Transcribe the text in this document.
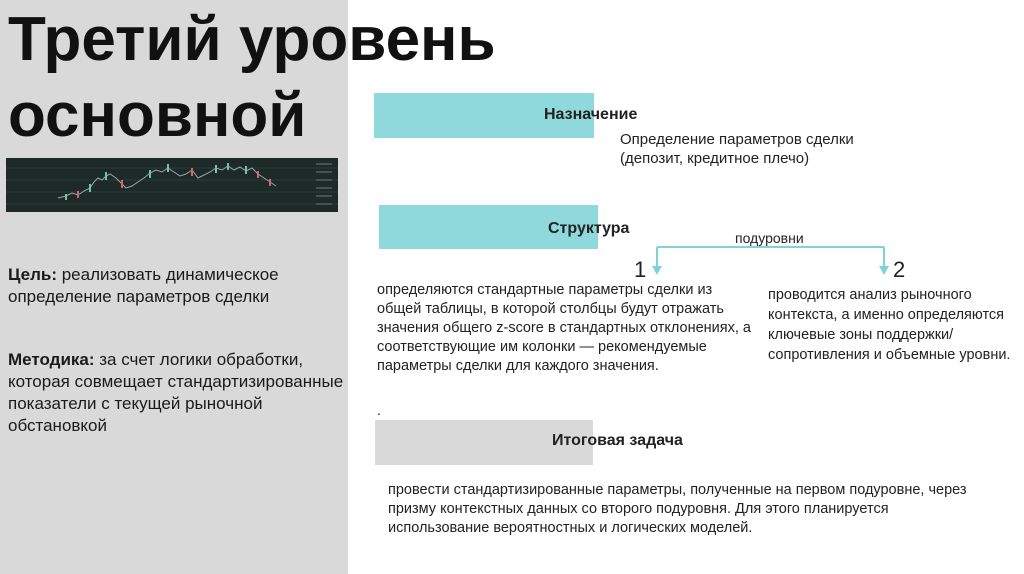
Третий уровень
основной
Цель: реализовать динамическое определение параметров сделки
Методика: за счет логики обработки, которая совмещает стандартизированные показатели с текущей рыночной обстановкой
Назначение
Определение параметров сделки
(депозит, кредитное плечо)
Структура
подуровни
1	2
определяются стандартные параметры сделки из общей таблицы, в которой столбцы будут отражать значения общего z-score в стандартных отклонениях, а соответствующие им колонки — рекомендуемые параметры сделки для каждого значения.
проводится анализ рыночного контекста, а именно определяются ключевые зоны поддержки/сопротивления и объемные уровни.
.
Итоговая задача
провести стандартизированные параметры, полученные на первом подуровне, через призму контекстных данных со второго подуровня. Для этого планируется использование вероятностных и логических моделей.
